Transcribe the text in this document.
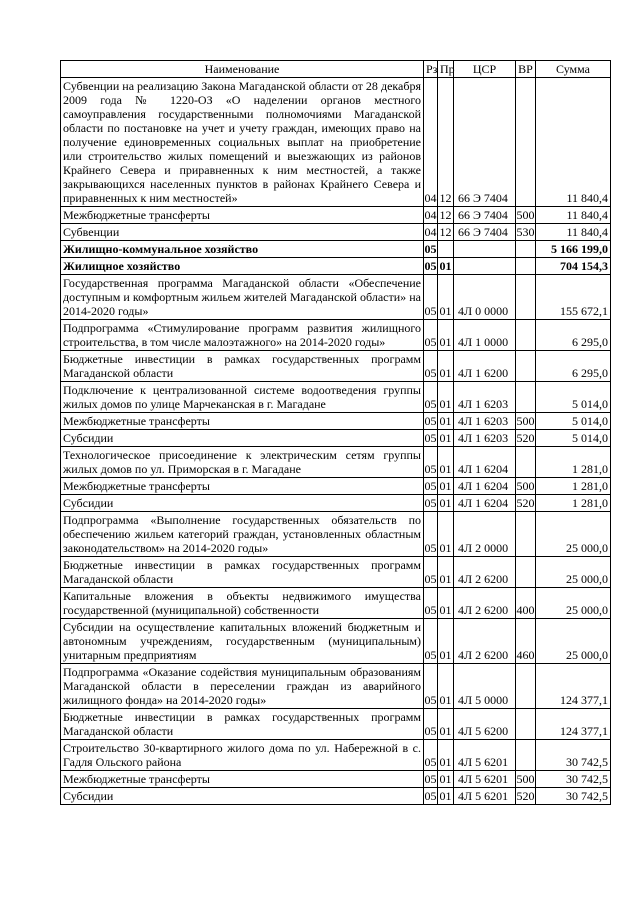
Наименование	Рз	Пр	ЦСР	ВР	Сумма
Субвенции на реализацию Закона Магаданской области от 28 декабря 2009 года № 1220-ОЗ «О наделении органов местного самоуправления государственными полномочиями Магаданской области по постановке на учет и учету граждан, имеющих право на получение единовременных социальных выплат на приобретение или строительство жилых помещений и выезжающих из районов Крайнего Севера и приравненных к ним местностей, а также закрывающихся населенных пунктов в районах Крайнего Севера и приравненных к ним местностей»	04	12	66 Э 7404		11 840,4
Межбюджетные трансферты	04	12	66 Э 7404	500	11 840,4
Субвенции	04	12	66 Э 7404	530	11 840,4
Жилищно-коммунальное хозяйство	05				5 166 199,0
Жилищное хозяйство	05	01			704 154,3
Государственная программа Магаданской области «Обеспечение доступным и комфортным жильем жителей Магаданской области» на 2014-2020 годы»	05	01	4Л 0 0000		155 672,1
Подпрограмма «Стимулирование программ развития жилищного строительства, в том числе малоэтажного» на 2014-2020 годы»	05	01	4Л 1 0000		6 295,0
Бюджетные инвестиции в рамках государственных программ Магаданской области	05	01	4Л 1 6200		6 295,0
Подключение к централизованной системе водоотведения группы жилых домов по улице Марчеканская в г. Магадане	05	01	4Л 1 6203		5 014,0
Межбюджетные трансферты	05	01	4Л 1 6203	500	5 014,0
Субсидии	05	01	4Л 1 6203	520	5 014,0
Технологическое присоединение к электрическим сетям группы жилых домов по ул. Приморская в г. Магадане	05	01	4Л 1 6204		1 281,0
Межбюджетные трансферты	05	01	4Л 1 6204	500	1 281,0
Субсидии	05	01	4Л 1 6204	520	1 281,0
Подпрограмма «Выполнение государственных обязательств по обеспечению жильем категорий граждан, установленных областным законодательством» на 2014-2020 годы»	05	01	4Л 2 0000		25 000,0
Бюджетные инвестиции в рамках государственных программ Магаданской области	05	01	4Л 2 6200		25 000,0
Капитальные вложения в объекты недвижимого имущества государственной (муниципальной) собственности	05	01	4Л 2 6200	400	25 000,0
Субсидии на осуществление капитальных вложений бюджетным и автономным учреждениям, государственным (муниципальным) унитарным предприятиям	05	01	4Л 2 6200	460	25 000,0
Подпрограмма «Оказание содействия муниципальным образованиям Магаданской области в переселении граждан из аварийного жилищного фонда» на 2014-2020 годы»	05	01	4Л 5 0000		124 377,1
Бюджетные инвестиции в рамках государственных программ Магаданской области	05	01	4Л 5 6200		124 377,1
Строительство 30-квартирного жилого дома по ул. Набережной в с. Гадля Ольского района	05	01	4Л 5 6201		30 742,5
Межбюджетные трансферты	05	01	4Л 5 6201	500	30 742,5
Субсидии	05	01	4Л 5 6201	520	30 742,5
